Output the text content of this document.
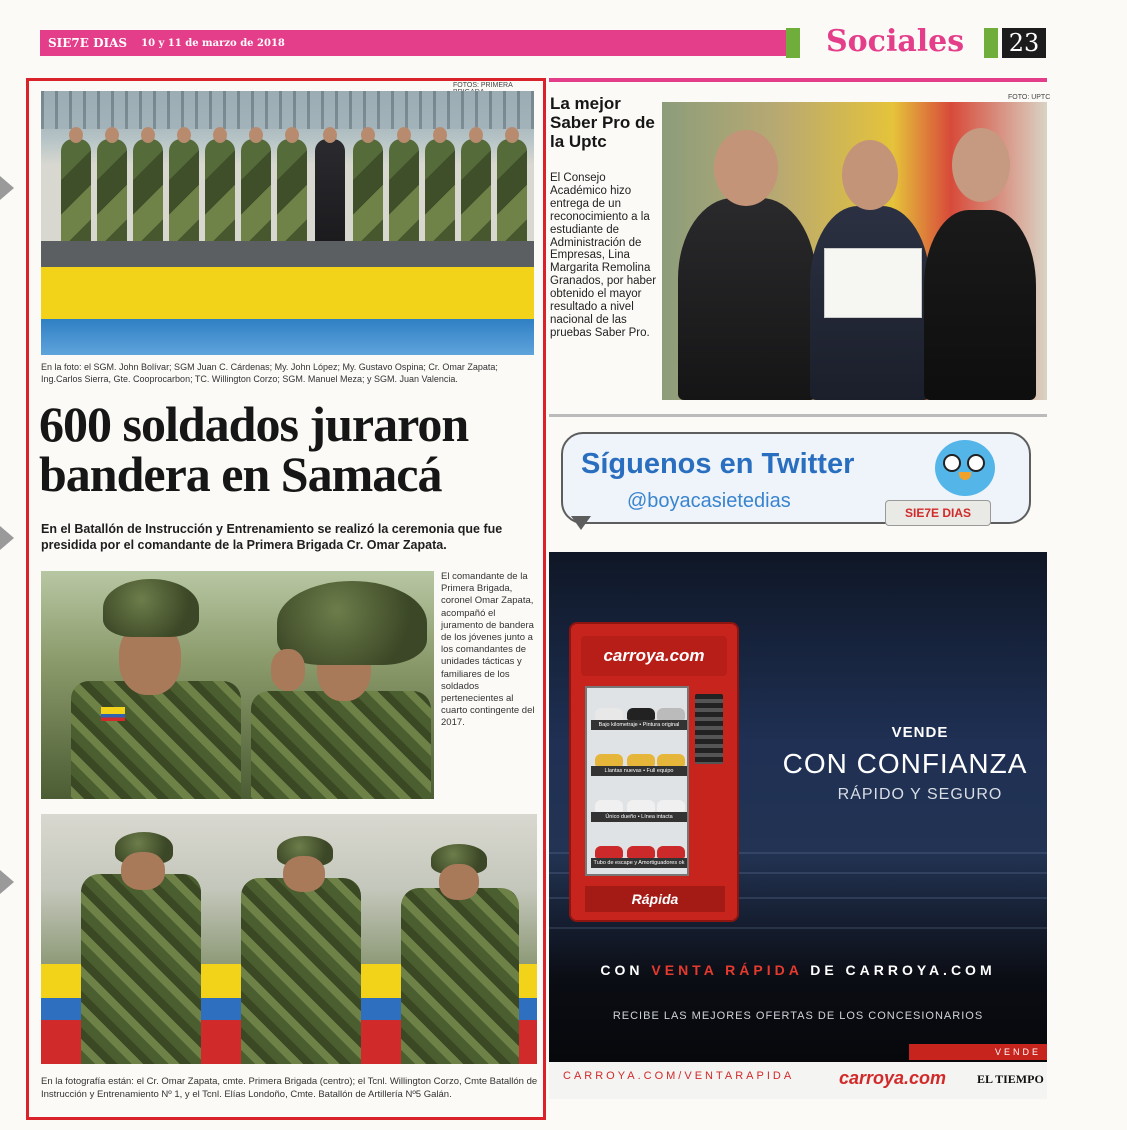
SIE7E DIAS 10 y 11 de marzo de 2018	Sociales 23
FOTOS: PRIMERA
En la foto: el SGM. John Bolívar; SGM Juan C. Cárdenas; My. John López; My. Gustavo Ospina; Cr. Omar Zapata; Ing.Carlos Sierra, Gte. Cooprocarbon; TC. Willington Corzo; SGM. Manuel Meza; y SGM. Juan Valencia.
600 soldados juraron bandera en Samacá

En el Batallón de Instrucción y Entrenamiento se realizó la ceremonia que fue presidida por el comandante de la Primera Brigada Cr. Omar Zapata.

El comandante de la Primera Brigada, coronel Omar Zapata, acompañó el juramento de bandera de los jóvenes junto a los comandantes de unidades tácticas y familiares de los soldados pertenecientes al cuarto contingente del 2017.
En la fotografía están: el Cr. Omar Zapata, cmte. Primera Brigada (centro); el Tcnl. Willington Corzo, Cmte Batallón de Instrucción y Entrenamiento Nº 1, y el Tcnl. Elías Londoño, Cmte. Batallón de Artillería Nº5 Galán.
La mejor Saber Pro de la Uptc

El Consejo Académico hizo entrega de un reconocimiento a la estudiante de Administración de Empresas, Lina Margarita Remolina Granados, por haber obtenido el mayor resultado a nivel nacional de las pruebas Saber Pro.

FOTO: UPTC
Síguenos en Twitter
@boyacasietedias
SIE7E DIAS
carroya.com
Bajo kilometraje • Pintura original
Llantas nuevas • Full equipo
Único dueño • Línea intacta
Tubo de escape y Amortiguadores ok
Rápida
VENDE
CON CONFIANZA
RÁPIDO Y SEGURO
CON VENTA RÁPIDA DE CARROYA.COM
RECIBE LAS MEJORES OFERTAS DE LOS CONCESIONARIOS
VENDE
CARROYA.COM/VENTARAPIDA carroya.com	EL TIEMPO
